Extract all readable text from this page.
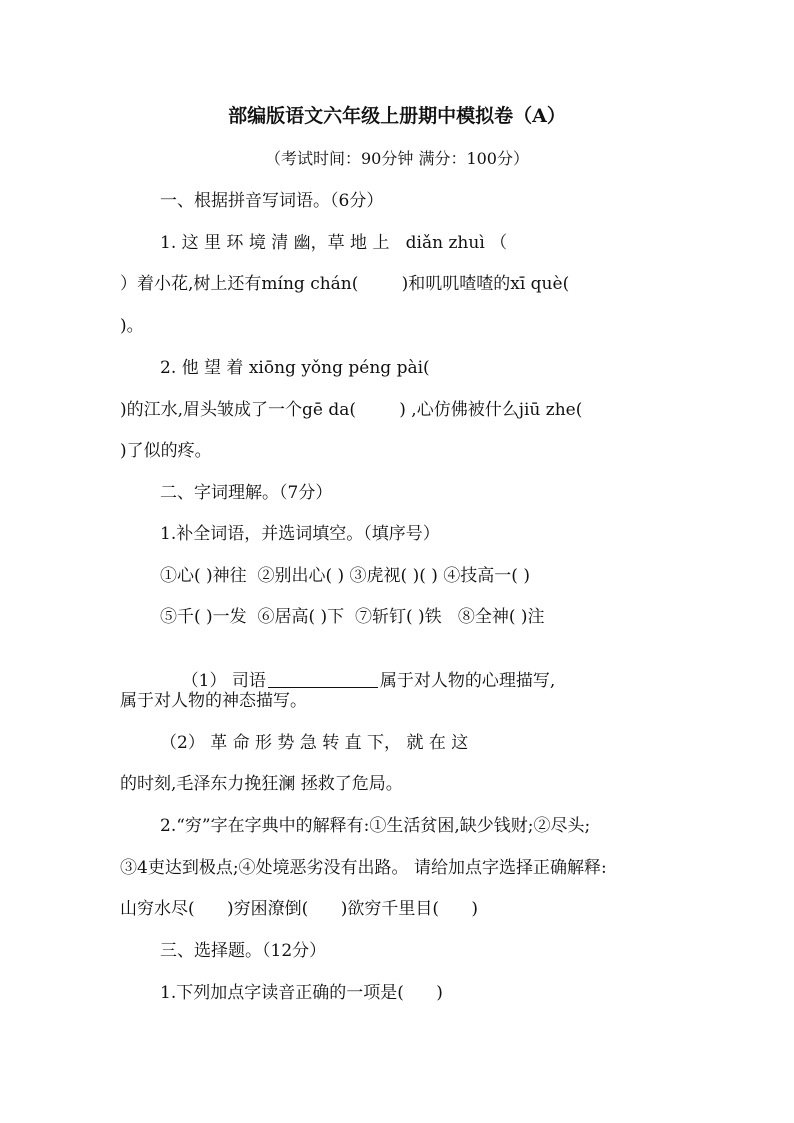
部编版语文六年级上册期中模拟卷（A）
（考试时间：90分钟 满分：100分）
一、根据拼音写词语。（6分）
1. 这 里 环 境 清 幽，草 地 上   diǎn zhuì （
）着小花,树上还有míng chán(        )和叽叽喳喳的xī què(
)。
2. 他 望 着 xiōng yǒng péng pài(
)的江水,眉头皱成了一个gē da(        ) ,心仿佛被什么jiū zhe(
)了似的疼。
二、字词理解。（7分）
1.补全词语，并选词填空。（填序号）
①心( )神往  ②别出心( ) ③虎视( )( ) ④技高一( )
⑤千( )一发  ⑥居高( )下  ⑦斩钉( )铁   ⑧全神( )注

（1） 司语	属于对人物的心理描写,

属于对人物的神态描写。
（2） 革 命 形 势 急 转 直 下， 就 在 这
的时刻,毛泽东力挽狂澜 拯救了危局。
2.“穷”字在字典中的解释有:①生活贫困,缺少钱财;②尽头;
③4吏达到极点;④处境恶劣没有出路。 请给加点字选择正确解释:
山穷水尽(      )穷困潦倒(      )欲穷千里目(      )
三、选择题。（12分）
1.下列加点字读音正确的一项是(      )
